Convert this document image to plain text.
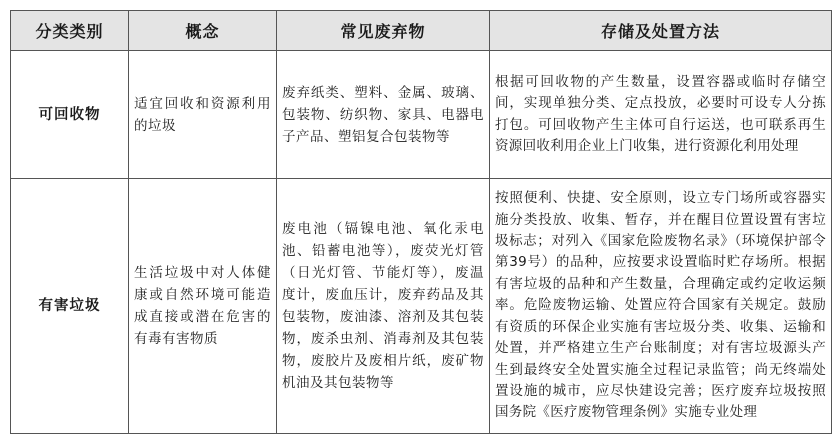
分类类别	概念	常见废弃物	存储及处置方法
可回收物	适宜回收和资源利用的垃圾	废弃纸类、塑料、金属、玻璃、包装物、纺织物、家具、电器电子产品、塑铝复合包装物等	根据可回收物的产生数量，设置容器或临时存储空间，实现单独分类、定点投放，必要时可设专人分拣打包。可回收物产生主体可自行运送，也可联系再生资源回收利用企业上门收集，进行资源化利用处理
有害垃圾	生活垃圾中对人体健康或自然环境可能造成直接或潜在危害的有毒有害物质	废电池（镉镍电池、氧化汞电池、铅蓄电池等），废荧光灯管（日光灯管、节能灯等），废温度计，废血压计，废弃药品及其包装物，废油漆、溶剂及其包装物，废杀虫剂、消毒剂及其包装物，废胶片及废相片纸，废矿物机油及其包装物等	按照便利、快捷、安全原则，设立专门场所或容器实施分类投放、收集、暂存，并在醒目位置设置有害垃圾标志；对列入《国家危险废物名录》（环境保护部令第39号）的品种，应按要求设置临时贮存场所。根据有害垃圾的品种和产生数量，合理确定或约定收运频率。危险废物运输、处置应符合国家有关规定。鼓励有资质的环保企业实施有害垃圾分类、收集、运输和处置，并严格建立生产台账制度；对有害垃圾源头产生到最终安全处置实施全过程记录监管；尚无终端处置设施的城市，应尽快建设完善；医疗废弃垃圾按照国务院《医疗废物管理条例》实施专业处理
